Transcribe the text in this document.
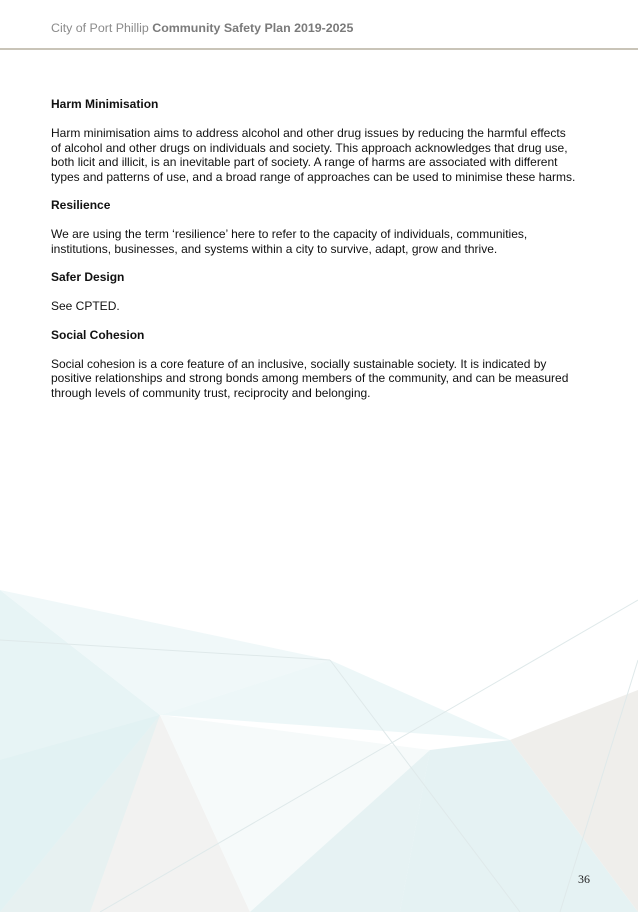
City of Port Phillip Community Safety Plan 2019-2025
Harm Minimisation
Harm minimisation aims to address alcohol and other drug issues by reducing the harmful effects
of alcohol and other drugs on individuals and society. This approach acknowledges that drug use,
both licit and illicit, is an inevitable part of society. A range of harms are associated with different
types and patterns of use, and a broad range of approaches can be used to minimise these harms.
Resilience
We are using the term ‘resilience’ here to refer to the capacity of individuals, communities,
institutions, businesses, and systems within a city to survive, adapt, grow and thrive.
Safer Design
See CPTED.
Social Cohesion
Social cohesion is a core feature of an inclusive, socially sustainable society. It is indicated by
positive relationships and strong bonds among members of the community, and can be measured
through levels of community trust, reciprocity and belonging.
36
